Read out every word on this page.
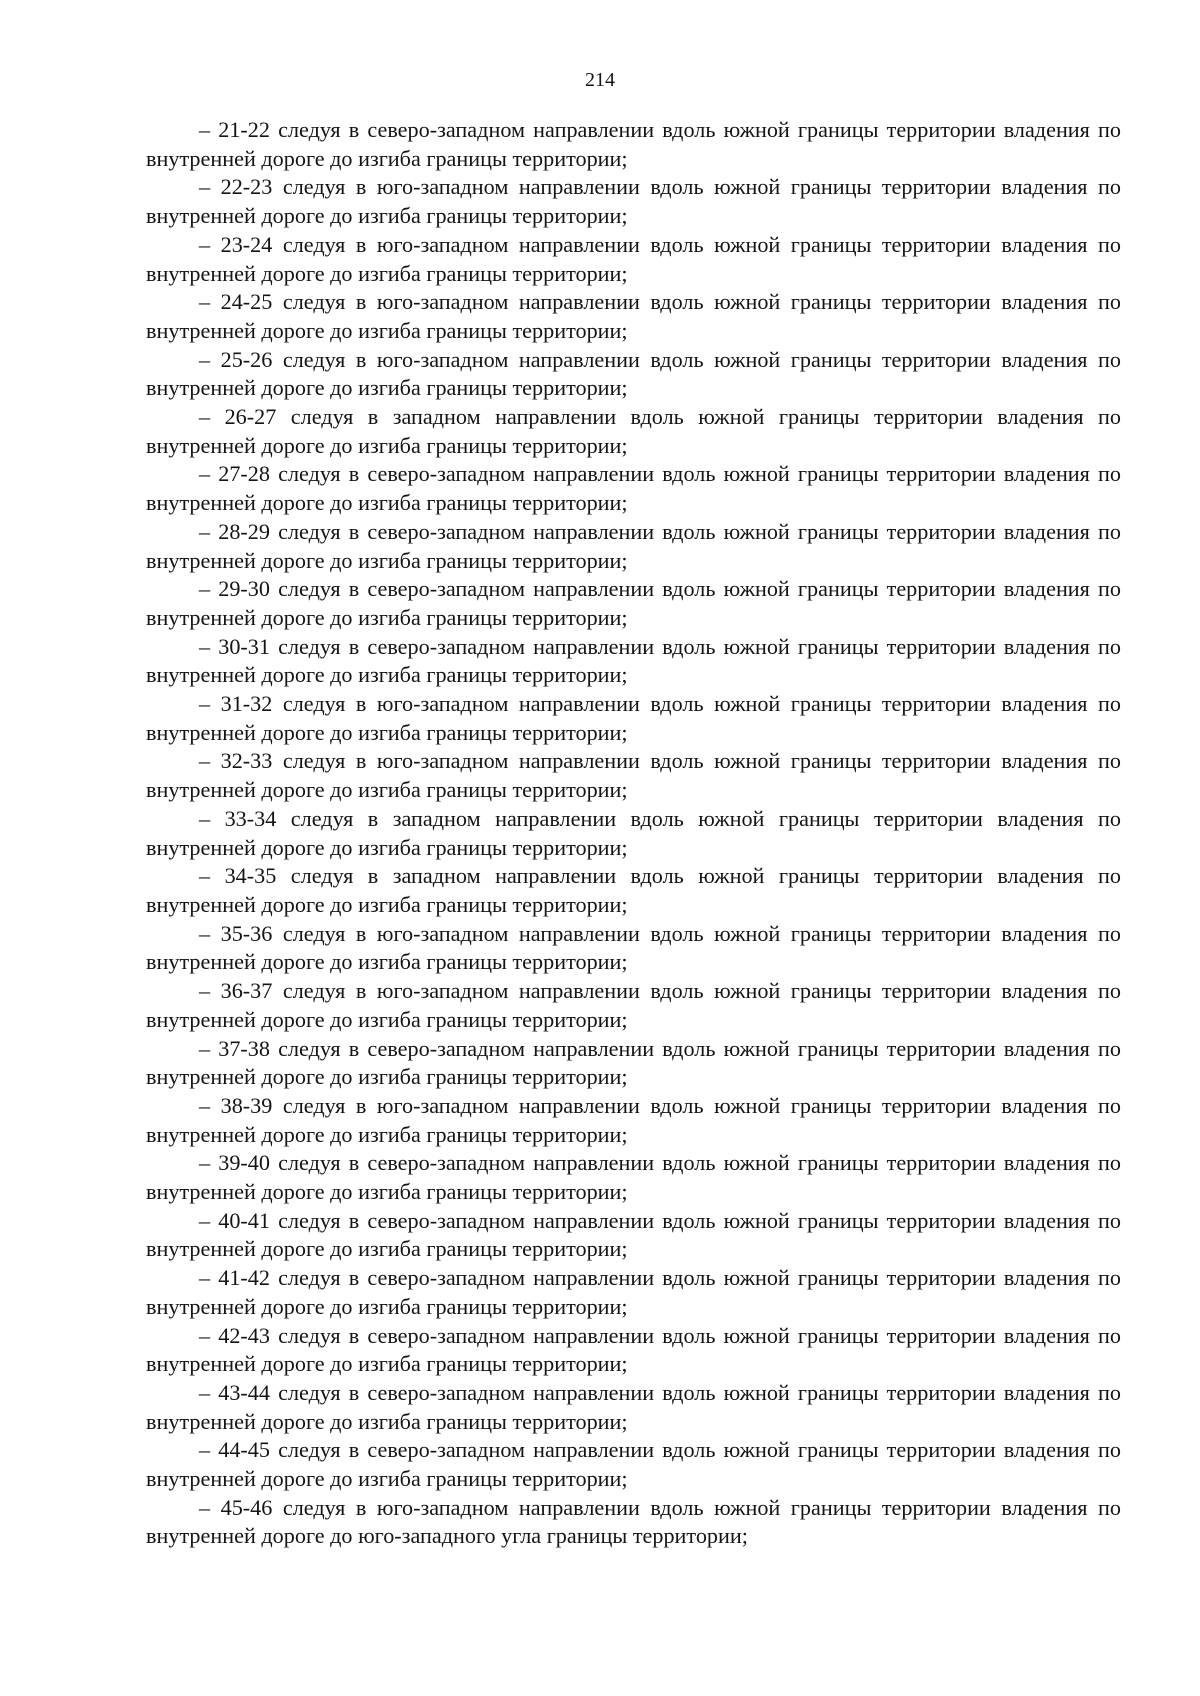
214

– 21-22 следуя в северо-западном направлении вдоль южной границы территории владения по внутренней дороге до изгиба границы территории;

– 22-23 следуя в юго-западном направлении вдоль южной границы территории владения по внутренней дороге до изгиба границы территории;

– 23-24 следуя в юго-западном направлении вдоль южной границы территории владения по внутренней дороге до изгиба границы территории;

– 24-25 следуя в юго-западном направлении вдоль южной границы территории владения по внутренней дороге до изгиба границы территории;

– 25-26 следуя в юго-западном направлении вдоль южной границы территории владения по внутренней дороге до изгиба границы территории;

– 26-27 следуя в западном направлении вдоль южной границы территории владения по внутренней дороге до изгиба границы территории;

– 27-28 следуя в северо-западном направлении вдоль южной границы территории владения по внутренней дороге до изгиба границы территории;

– 28-29 следуя в северо-западном направлении вдоль южной границы территории владения по внутренней дороге до изгиба границы территории;

– 29-30 следуя в северо-западном направлении вдоль южной границы территории владения по внутренней дороге до изгиба границы территории;

– 30-31 следуя в северо-западном направлении вдоль южной границы территории владения по внутренней дороге до изгиба границы территории;

– 31-32 следуя в юго-западном направлении вдоль южной границы территории владения по внутренней дороге до изгиба границы территории;

– 32-33 следуя в юго-западном направлении вдоль южной границы территории владения по внутренней дороге до изгиба границы территории;

– 33-34 следуя в западном направлении вдоль южной границы территории владения по внутренней дороге до изгиба границы территории;

– 34-35 следуя в западном направлении вдоль южной границы территории владения по внутренней дороге до изгиба границы территории;

– 35-36 следуя в юго-западном направлении вдоль южной границы территории владения по внутренней дороге до изгиба границы территории;

– 36-37 следуя в юго-западном направлении вдоль южной границы территории владения по внутренней дороге до изгиба границы территории;

– 37-38 следуя в северо-западном направлении вдоль южной границы территории владения по внутренней дороге до изгиба границы территории;

– 38-39 следуя в юго-западном направлении вдоль южной границы территории владения по внутренней дороге до изгиба границы территории;

– 39-40 следуя в северо-западном направлении вдоль южной границы территории владения по внутренней дороге до изгиба границы территории;

– 40-41 следуя в северо-западном направлении вдоль южной границы территории владения по внутренней дороге до изгиба границы территории;

– 41-42 следуя в северо-западном направлении вдоль южной границы территории владения по внутренней дороге до изгиба границы территории;

– 42-43 следуя в северо-западном направлении вдоль южной границы территории владения по внутренней дороге до изгиба границы территории;

– 43-44 следуя в северо-западном направлении вдоль южной границы территории владения по внутренней дороге до изгиба границы территории;

– 44-45 следуя в северо-западном направлении вдоль южной границы территории владения по внутренней дороге до изгиба границы территории;

– 45-46 следуя в юго-западном направлении вдоль южной границы территории владения по внутренней дороге до юго-западного угла границы территории;
